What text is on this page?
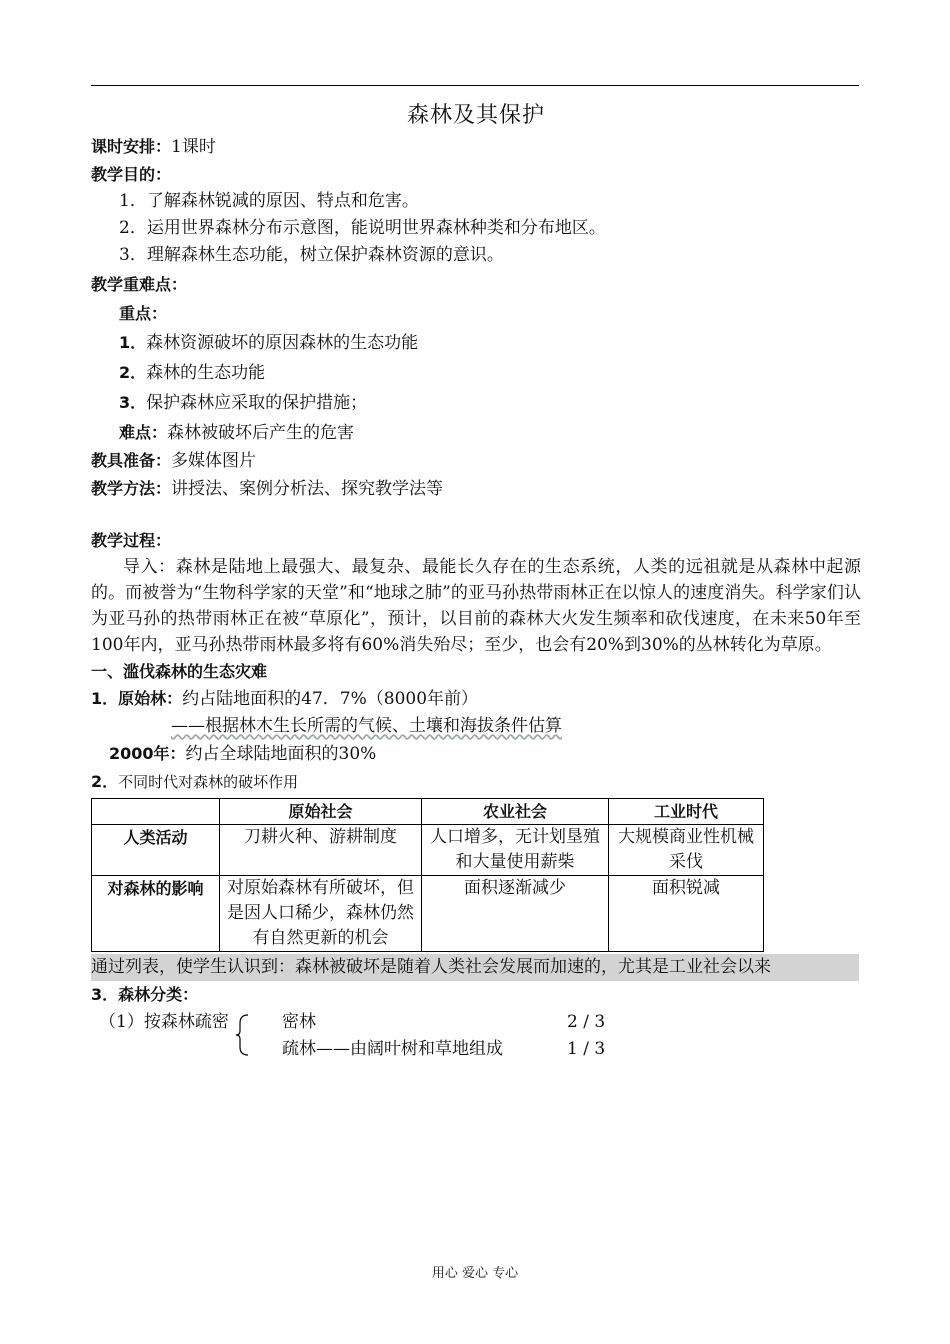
森林及其保护
课时安排：1课时
教学目的：
1．了解森林锐减的原因、特点和危害。
2．运用世界森林分布示意图，能说明世界森林种类和分布地区。
3．理解森林生态功能，树立保护森林资源的意识。
教学重难点：
重点：
1．森林资源破坏的原因森林的生态功能
2．森林的生态功能
3．保护森林应采取的保护措施；
难点：森林被破坏后产生的危害
教具准备：多媒体图片
教学方法：讲授法、案例分析法、探究教学法等
教学过程：

导入：森林是陆地上最强大、最复杂、最能长久存在的生态系统，人类的远祖就是从森林中起源的。而被誉为“生物科学家的天堂”和“地球之肺”的亚马孙热带雨林正在以惊人的速度消失。科学家们认为亚马孙的热带雨林正在被“草原化”，预计，以目前的森林大火发生频率和砍伐速度，在未来50年至100年内，亚马孙热带雨林最多将有60%消失殆尽；至少，也会有20%到30%的丛林转化为草原。

一、滥伐森林的生态灾难
1．原始林：约占陆地面积的47．7%（8000年前）
——根据林木生长所需的气候、土壤和海拔条件估算
2000年：约占全球陆地面积的30%
2．不同时代对森林的破坏作用
	原始社会	农业社会	工业时代
人类活动	刀耕火种、游耕制度	人口增多，无计划垦殖和大量使用薪柴	大规模商业性机械采伐
对森林的影响	对原始森林有所破坏，但是因人口稀少，森林仍然有自然更新的机会	面积逐渐减少	面积锐减
通过列表，使学生认识到：森林被破坏是随着人类社会发展而加速的，尤其是工业社会以来
3．森林分类：
（1）按森林疏密	密林	2 / 3
疏林——由阔叶树和草地组成	1 / 3
用心 爱心 专心
